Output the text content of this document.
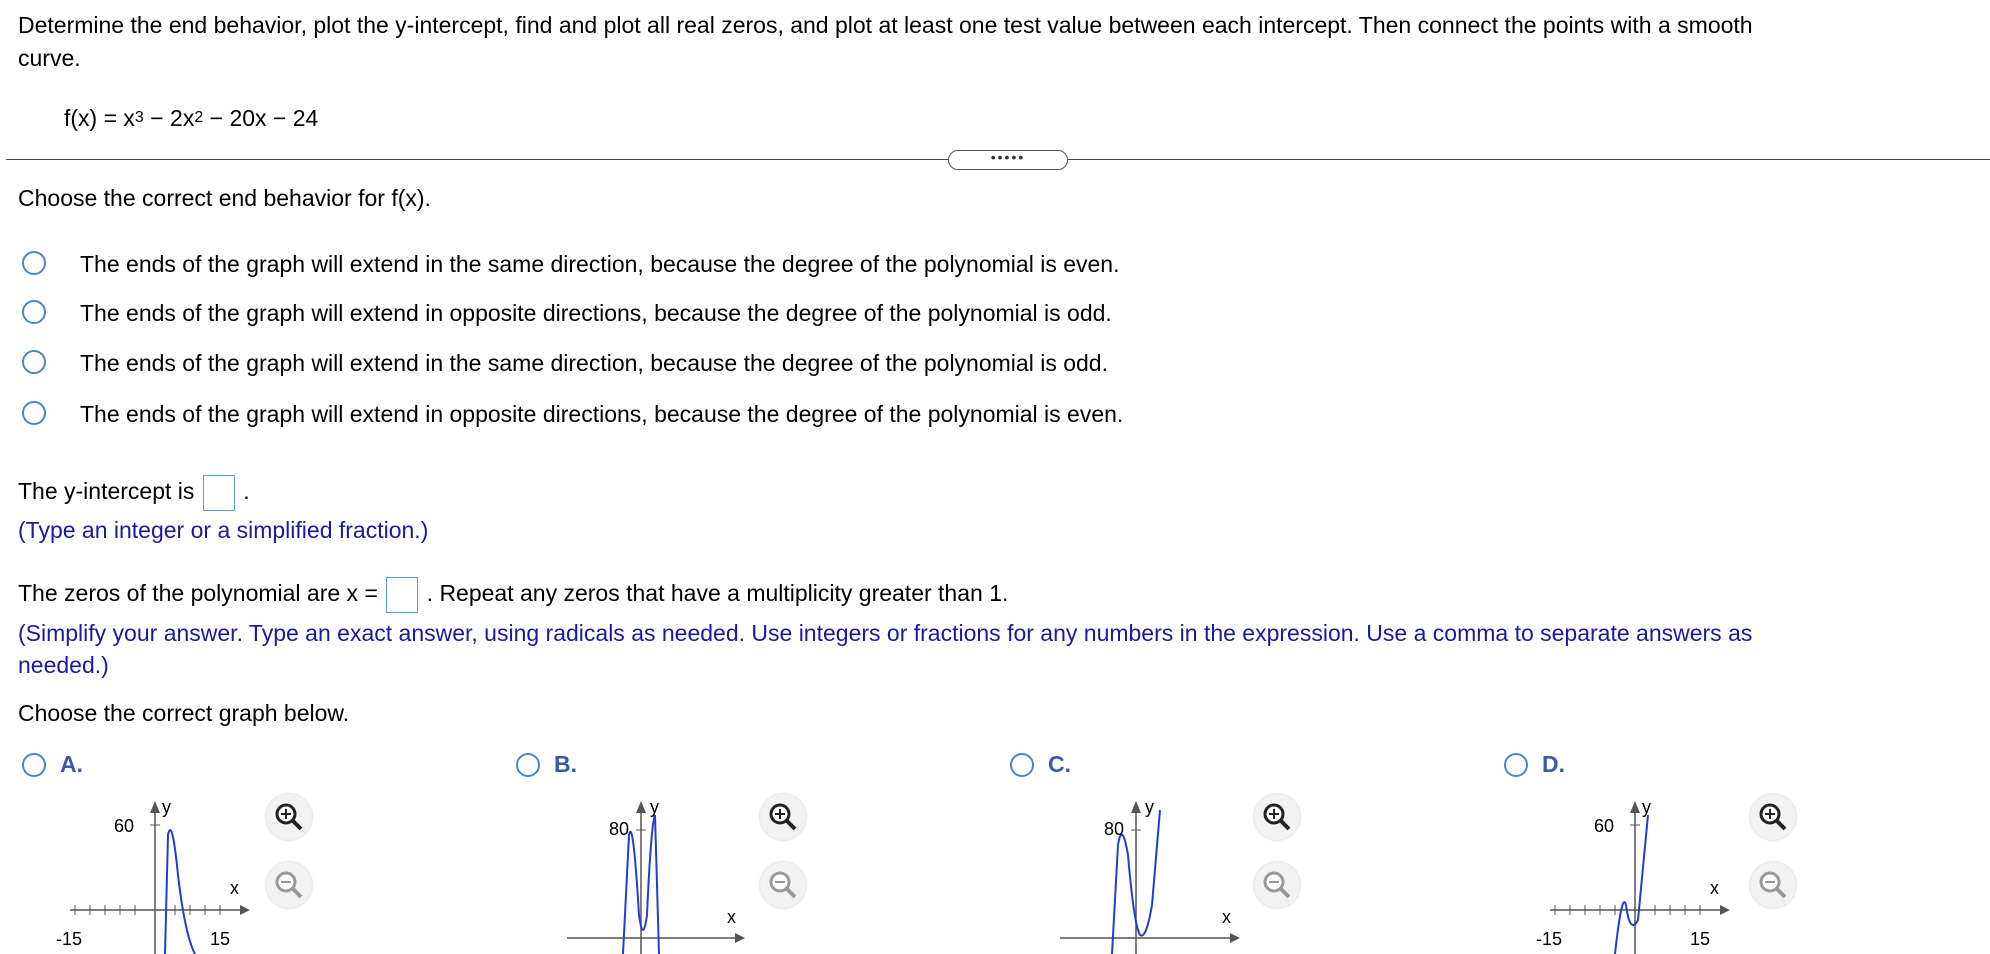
Determine the end behavior, plot the y-intercept, find and plot all real zeros, and plot at least one test value between each intercept. Then connect the points with a smooth
curve.
$f(x) = x^3 - 2x^2 - 20x - 24$
•••••
Choose the correct end behavior for f(x).
The ends of the graph will extend in the same direction, because the degree of the polynomial is even.
The ends of the graph will extend in opposite directions, because the degree of the polynomial is odd.
The ends of the graph will extend in the same direction, because the degree of the polynomial is odd.
The ends of the graph will extend in opposite directions, because the degree of the polynomial is even.
The y-intercept is .
(Type an integer or a simplified fraction.)
The zeros of the polynomial are x = . Repeat any zeros that have a multiplicity greater than 1.
(Simplify your answer. Type an exact answer, using radicals as needed. Use integers or fractions for any numbers in the expression. Use a comma to separate answers as
needed.)
Choose the correct graph below.
A.
y
60
x
-15	15
B.
y
80
x
C.
y
80
x
D.
y
60
x
-15	15
